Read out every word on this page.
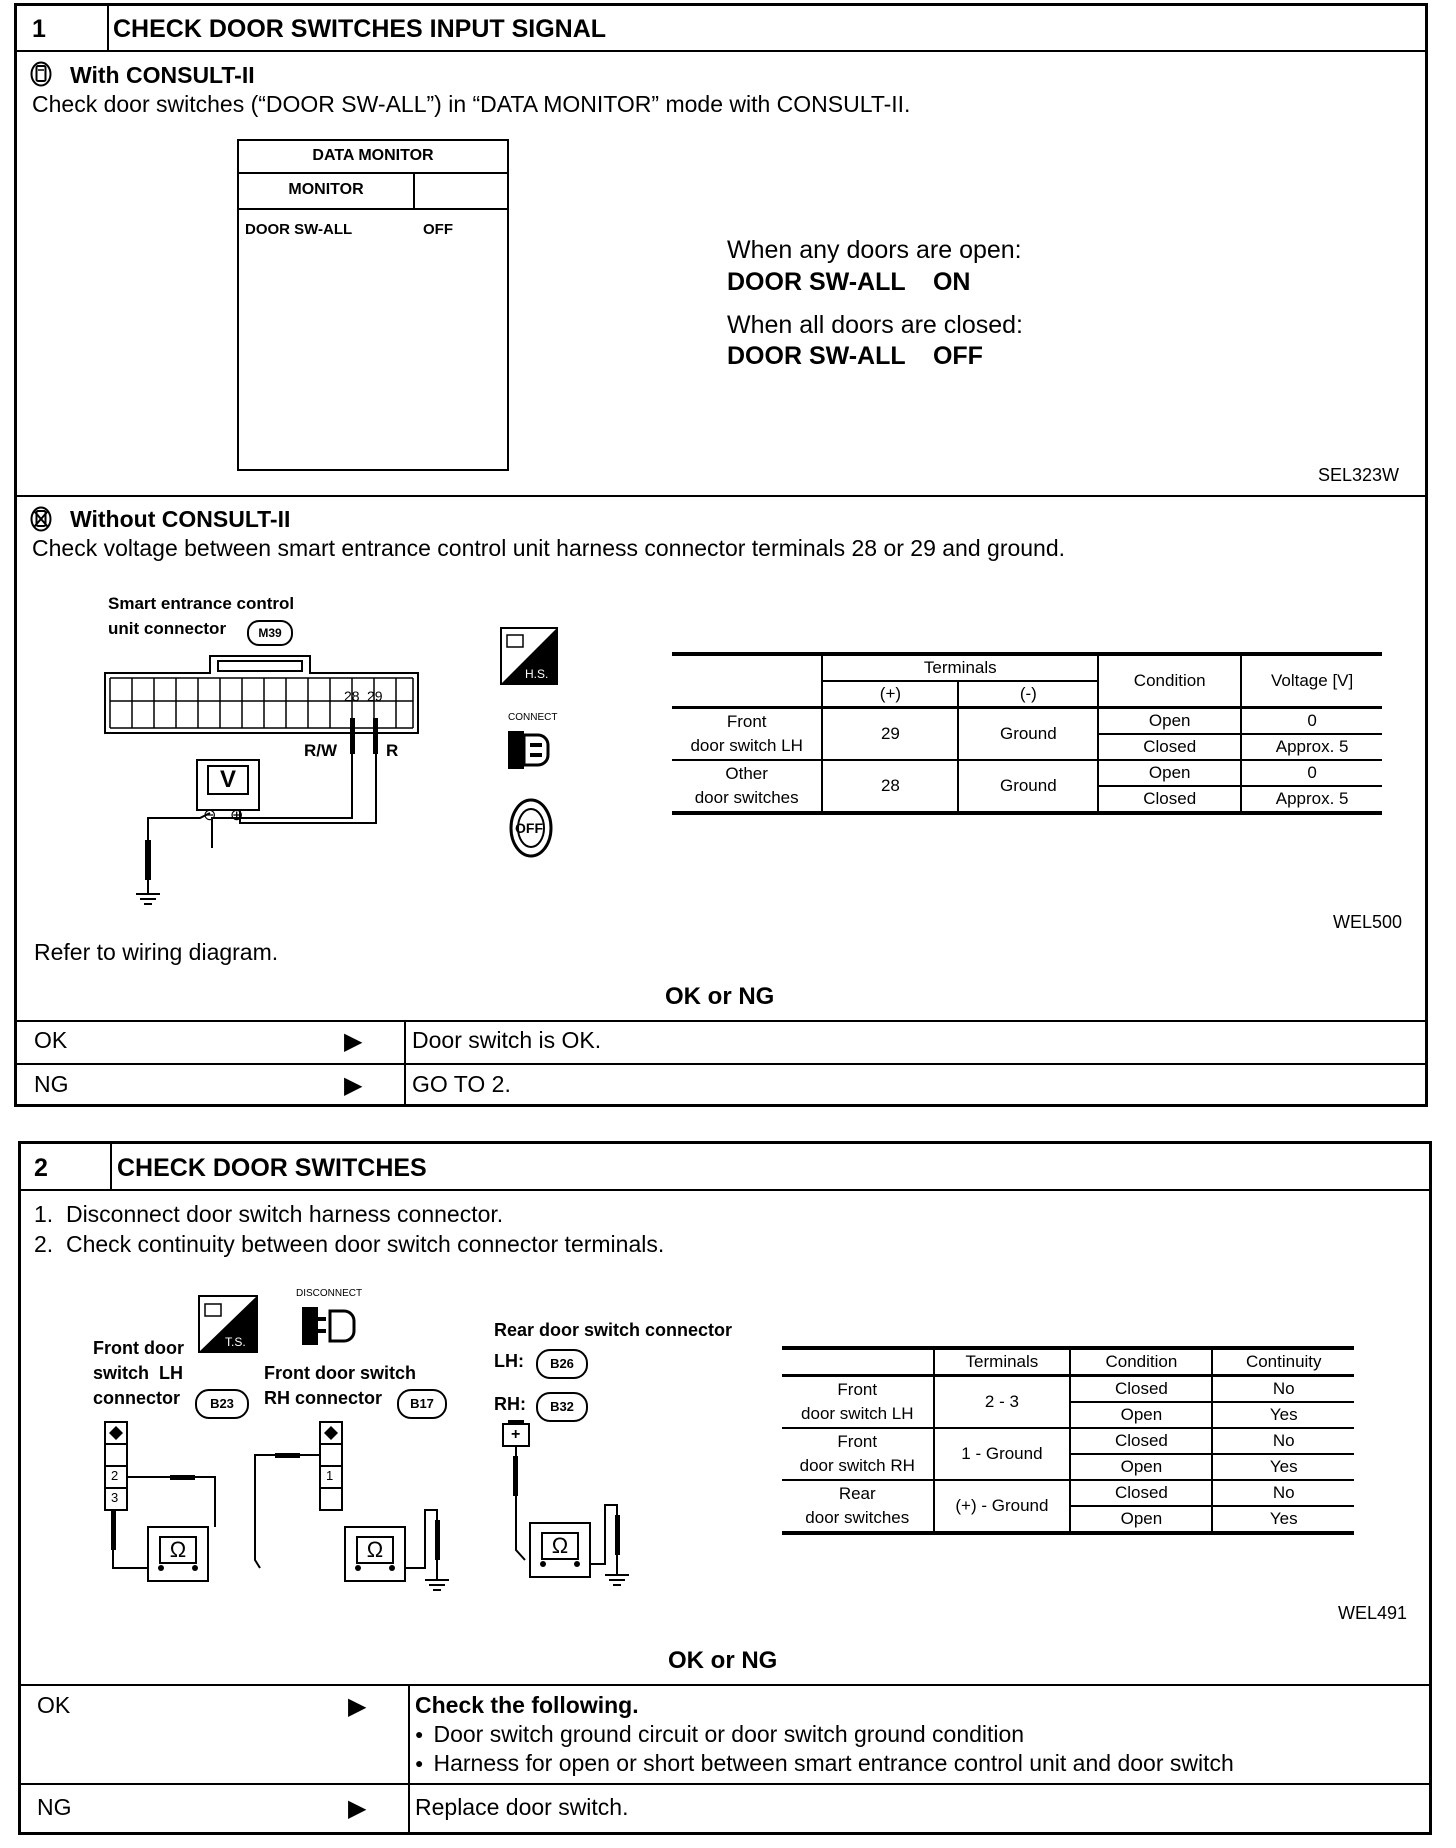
1	CHECK DOOR SWITCHES INPUT SIGNAL
With CONSULT-II
Check door switches (“DOOR SW-ALL”) in “DATA MONITOR” mode with CONSULT-II.
DATA MONITOR
MONITOR
DOOR SW-ALL	OFF
When any doors are open:
DOOR SW-ALL    ON
When all doors are closed:
DOOR SW-ALL    OFF
SEL323W
Without CONSULT-II
Check voltage between smart entrance control unit harness connector terminals 28 or 29 and ground.
Smart entrance control
unit connector	M39
28 29
R/W	R
V
⊖ ⊕
H.S.
CONNECT
OFF
	Terminals		Condition	Voltage [V]
	(+)	(-)		
Front
door switch LH	29	Ground	Open	0
			Closed	Approx. 5
Other
door switches	28	Ground	Open	0
			Closed	Approx. 5
WEL500
Refer to wiring diagram.
OK or NG
OK	▶ Door switch is OK.
NG	▶ GO TO 2.
2	CHECK DOOR SWITCHES
1.  Disconnect door switch harness connector.
2.  Check continuity between door switch connector terminals.
T.S.
DISCONNECT
Front door
switch  LH
connector	B23
Front door switch
RH connector	B17
Rear door switch connector
LH:	B26
RH:	B32
2
3
1
+
Ω	Ω	Ω
	Terminals	Condition	Continuity
Front
door switch LH	2 - 3	Closed	No
		Open	Yes
Front
door switch RH	1 - Ground	Closed	No
		Open	Yes
Rear
door switches	(+) - Ground	Closed	No
		Open	Yes
WEL491
OK or NG
OK	▶ Check the following.
● Door switch ground circuit or door switch ground condition
● Harness for open or short between smart entrance control unit and door switch
NG	▶ Replace door switch.
